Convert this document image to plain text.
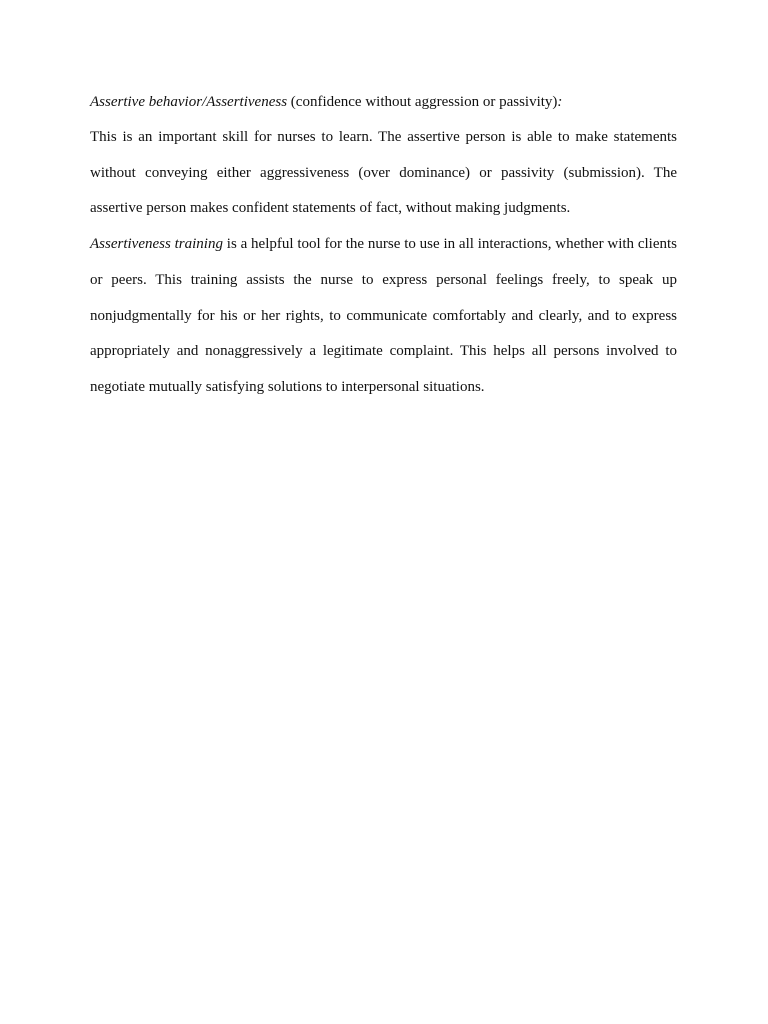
Assertive behavior/Assertiveness (confidence without aggression or passivity):

This is an important skill for nurses to learn. The assertive person is able to make statements without conveying either aggressiveness (over dominance) or passivity (submission). The assertive person makes confident statements of fact, without making judgments.

Assertiveness training is a helpful tool for the nurse to use in all interactions, whether with clients or peers. This training assists the nurse to express personal feelings freely, to speak up nonjudgmentally for his or her rights, to communicate comfortably and clearly, and to express appropriately and nonaggressively a legitimate complaint. This helps all persons involved to negotiate mutually satisfying solutions to interpersonal situations.
